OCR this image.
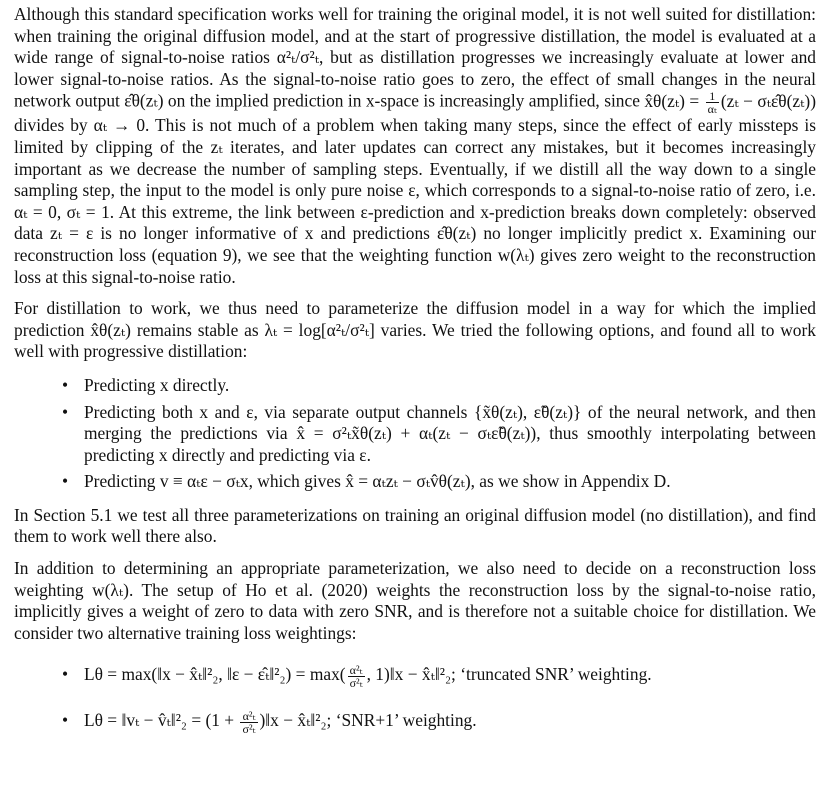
Although this standard specification works well for training the original model, it is not well suited for distillation: when training the original diffusion model, and at the start of progressive distillation, the model is evaluated at a wide range of signal-to-noise ratios α²ₜ/σ²ₜ, but as distillation progresses we increasingly evaluate at lower and lower signal-to-noise ratios. As the signal-to-noise ratio goes to zero, the effect of small changes in the neural network output ε̂θ(zₜ) on the implied prediction in x-space is increasingly amplified, since x̂θ(zₜ) = $\frac{1}{\text{αₜ}} (z_t$ − σₜε̂θ(zₜ)) divides by αₜ → 0. This is not much of a problem when taking many steps, since the effect of early missteps is limited by clipping of the zₜ iterates, and later updates can correct any mistakes, but it becomes increasingly important as we decrease the number of sampling steps. Eventually, if we distill all the way down to a single sampling step, the input to the model is only pure noise ε, which corresponds to a signal-to-noise ratio of zero, i.e. αₜ = 0, σₜ = 1. At this extreme, the link between ε-prediction and x-prediction breaks down completely: observed data zₜ = ε is no longer informative of x and predictions ε̂θ(zₜ) no longer implicitly predict x. Examining our reconstruction loss (equation 9), we see that the weighting function w(λₜ) gives zero weight to the reconstruction loss at this signal-to-noise ratio.

For distillation to work, we thus need to parameterize the diffusion model in a way for which the implied prediction x̂θ(zₜ) remains stable as λₜ = log[α²ₜ/σ²ₜ] varies. We tried the following options, and found all to work well with progressive distillation:

• Predicting x directly.
• Predicting both x and ε, via separate output channels {x̃θ(zₜ), ε̃θ(zₜ)} of the neural network, and then merging the predictions via x̂ = σ²ₜx̃θ(zₜ) + αₜ(zₜ − σₜε̃θ(zₜ)), thus smoothly interpolating between predicting x directly and predicting via ε.
• Predicting v ≡ αₜε − σₜx, which gives x̂ = αₜzₜ − σₜv̂θ(zₜ), as we show in Appendix D.

In Section 5.1 we test all three parameterizations on training an original diffusion model (no distillation), and find them to work well there also.

In addition to determining an appropriate parameterization, we also need to decide on a reconstruction loss weighting w(λₜ). The setup of Ho et al. (2020) weights the reconstruction loss by the signal-to-noise ratio, implicitly gives a weight of zero to data with zero SNR, and is therefore not a suitable choice for distillation. We consider two alternative training loss weightings:

• Lθ = max(‖x − x̂ₜ‖²₂, ‖ε − ε̂ₜ‖²₂) = $\max( \frac{\text{α²ₜ}}{\text{σ²ₜ}}$ , 1)‖x − x̂ₜ‖²₂; ‘truncated SNR’ weighting.
• Lθ = ‖vₜ − v̂ₜ‖²₂ = ($1 + \frac{\text{α²ₜ}}{\text{σ²ₜ}}$ )‖x − x̂ₜ‖²₂; ‘SNR+1’ weighting.
